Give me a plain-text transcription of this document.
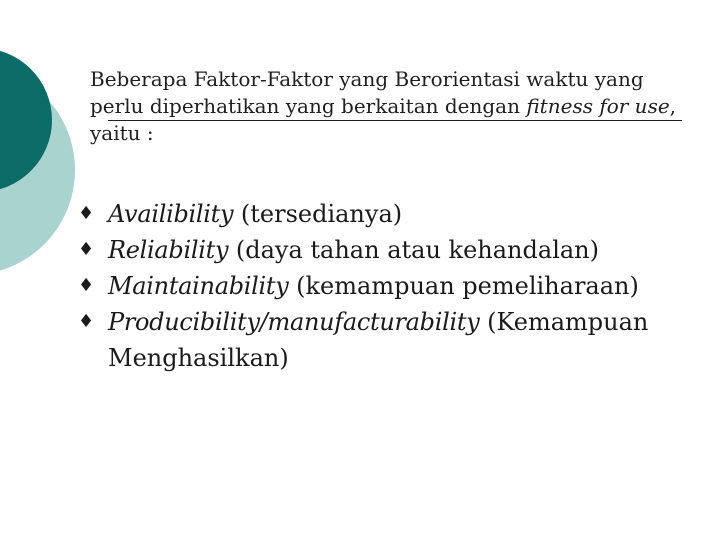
Beberapa Faktor-Faktor yang Berorientasi waktu yang
perlu diperhatikan yang berkaitan dengan fitness for use,
yaitu :
♦ Availibility (tersedianya)
♦ Reliability (daya tahan atau kehandalan)
♦ Maintainability (kemampuan pemeliharaan)
♦ Producibility/manufacturability (Kemampuan Menghasilkan)
